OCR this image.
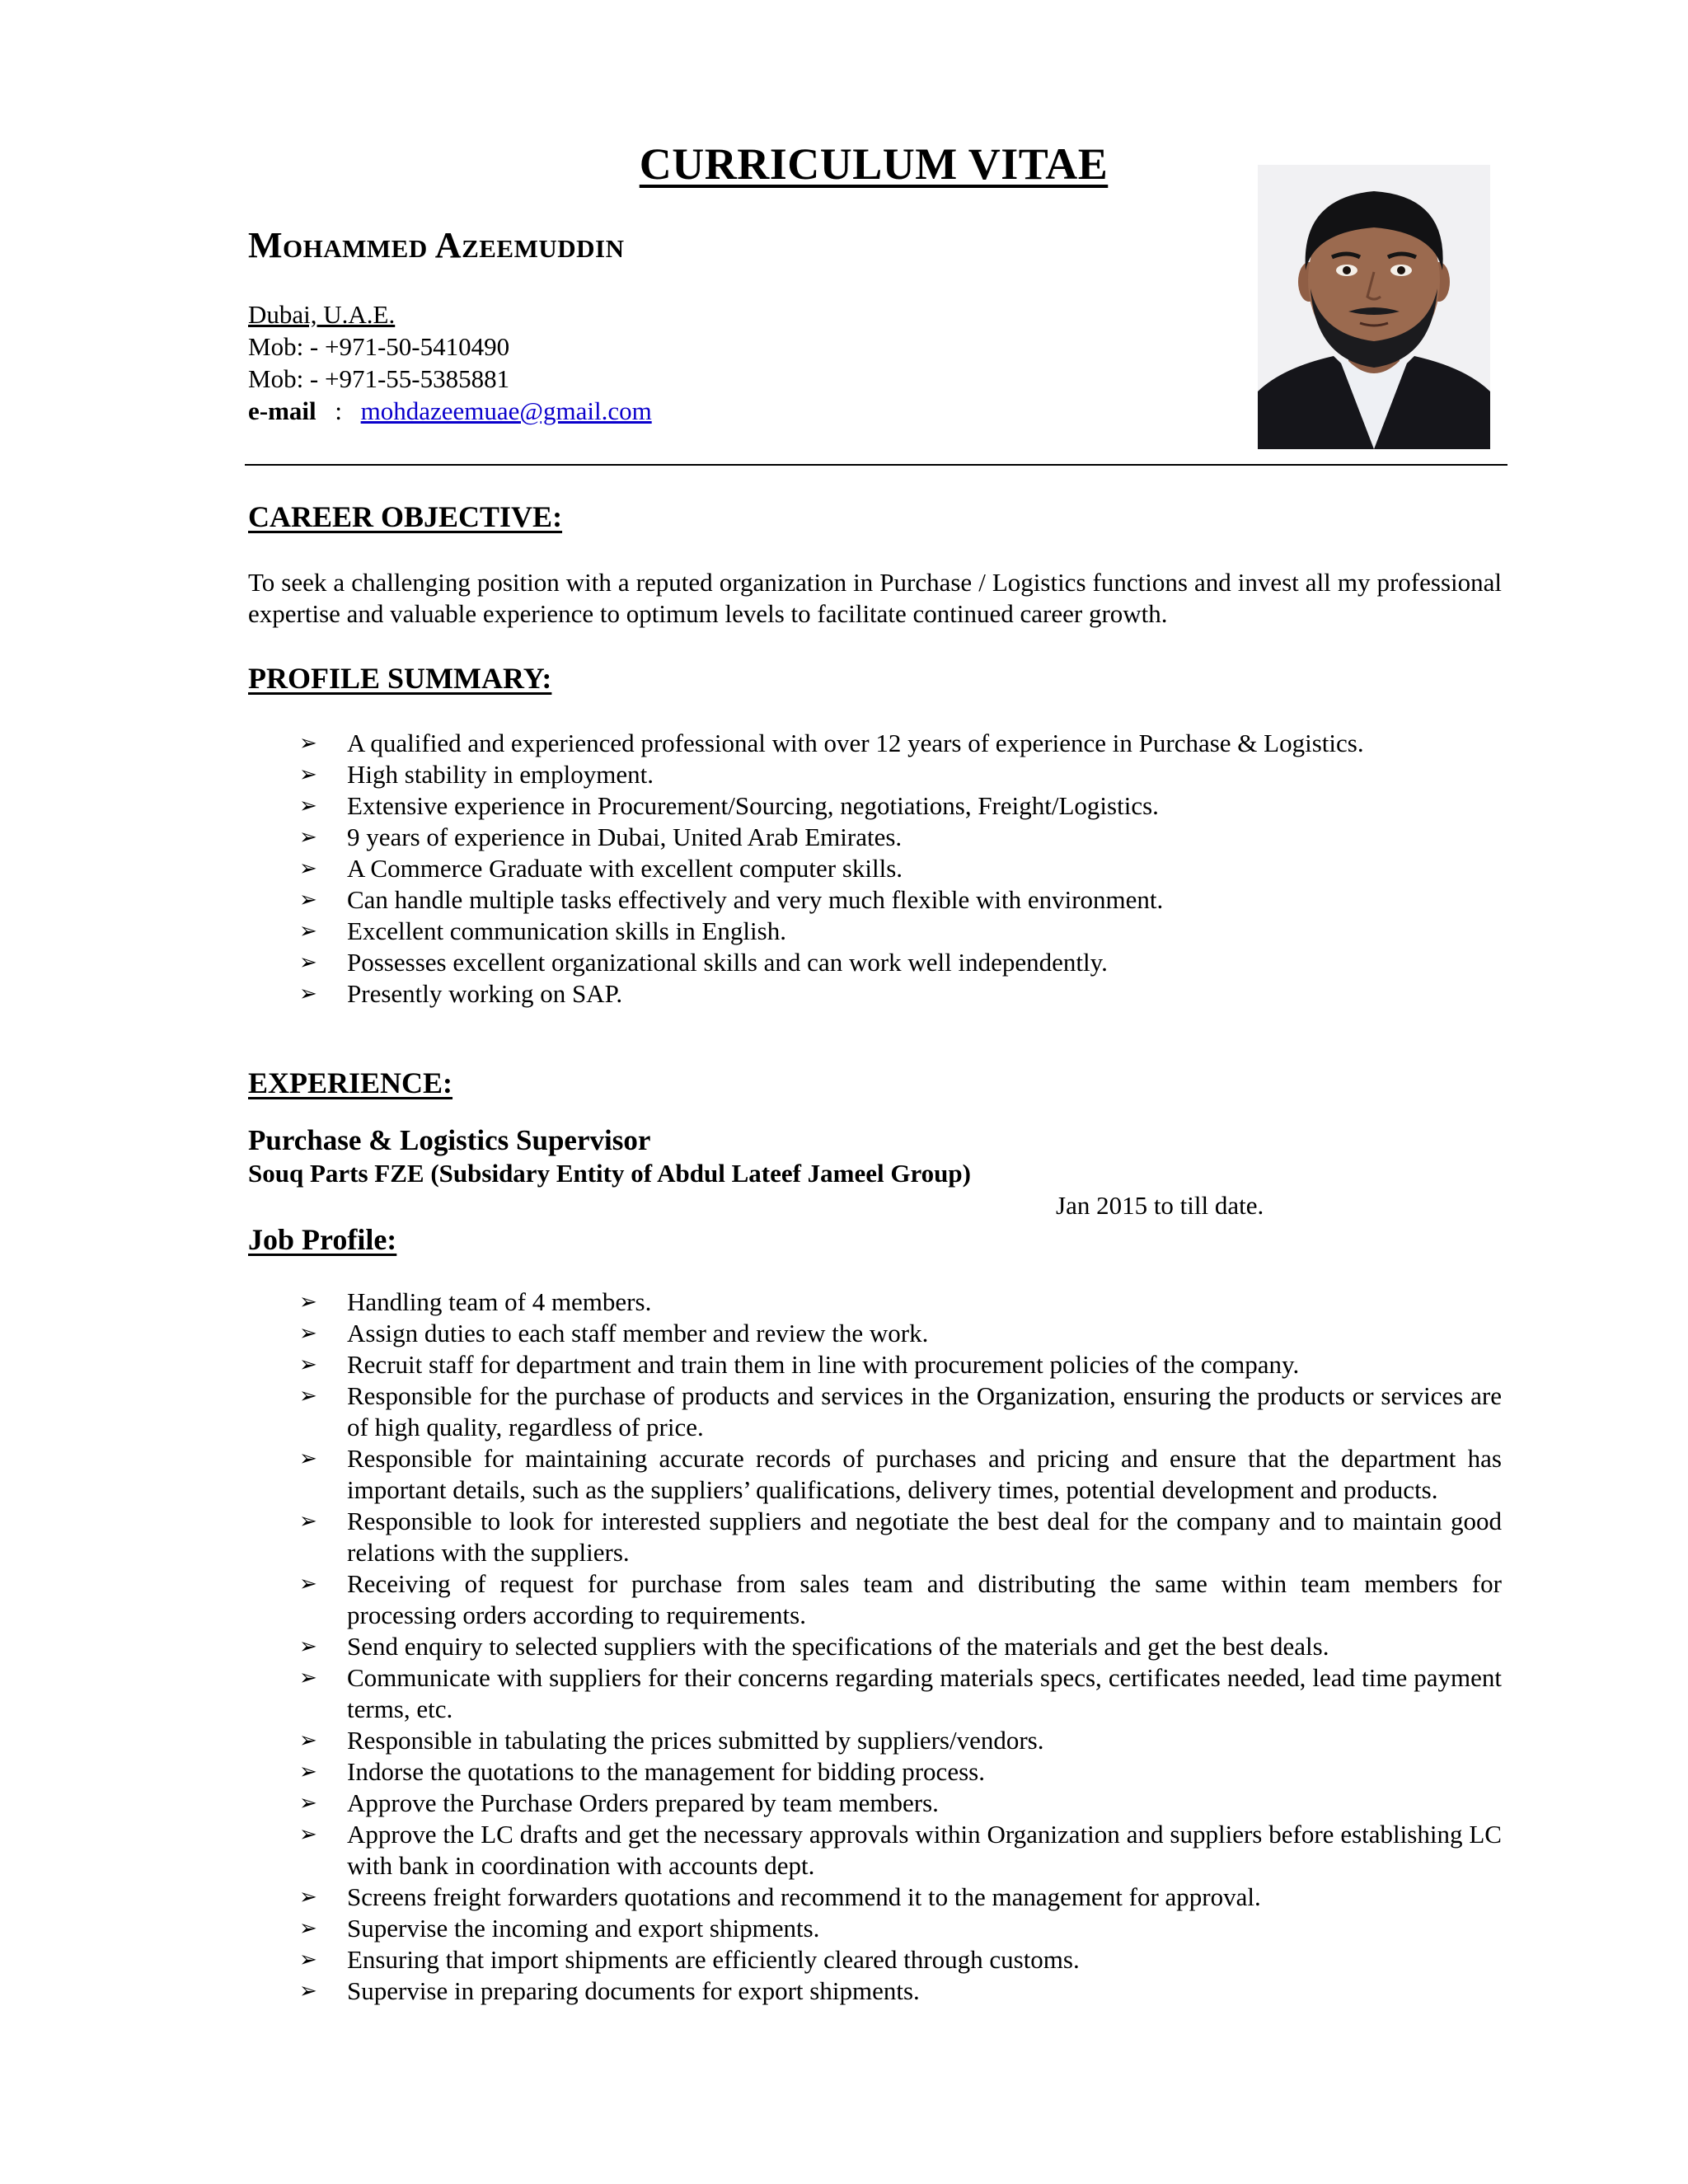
CURRICULUM VITAE
Mohammed Azeemuddin
Dubai, U.A.E.
Mob: - +971-50-5410490
Mob: - +971-55-5385881
e-mail : mohdazeemuae@gmail.com
CAREER OBJECTIVE:
To seek a challenging position with a reputed organization in Purchase / Logistics functions and invest all my professional expertise and valuable experience to optimum levels to facilitate continued career growth.
PROFILE SUMMARY:
➢ A qualified and experienced professional with over 12 years of experience in Purchase & Logistics.
➢ High stability in employment.
➢ Extensive experience in Procurement/Sourcing, negotiations, Freight/Logistics.
➢ 9 years of experience in Dubai, United Arab Emirates.
➢ A Commerce Graduate with excellent computer skills.
➢ Can handle multiple tasks effectively and very much flexible with environment.
➢ Excellent communication skills in English.
➢ Possesses excellent organizational skills and can work well independently.
➢ Presently working on SAP.
EXPERIENCE:
Purchase & Logistics Supervisor
Souq Parts FZE (Subsidary Entity of Abdul Lateef Jameel Group)
Jan 2015 to till date.
Job Profile:
➢ Handling team of 4 members.
➢ Assign duties to each staff member and review the work.
➢ Recruit staff for department and train them in line with procurement policies of the company.
➢ Responsible for the purchase of products and services in the Organization, ensuring the products or services are of high quality, regardless of price.
➢ Responsible for maintaining accurate records of purchases and pricing and ensure that the department has important details, such as the suppliers’ qualifications, delivery times, potential development and products.
➢ Responsible to look for interested suppliers and negotiate the best deal for the company and to maintain good relations with the suppliers.
➢ Receiving of request for purchase from sales team and distributing the same within team members for processing orders according to requirements.
➢ Send enquiry to selected suppliers with the specifications of the materials and get the best deals.
➢ Communicate with suppliers for their concerns regarding materials specs, certificates needed, lead time payment terms, etc.
➢ Responsible in tabulating the prices submitted by suppliers/vendors.
➢ Indorse the quotations to the management for bidding process.
➢ Approve the Purchase Orders prepared by team members.
➢ Approve the LC drafts and get the necessary approvals within Organization and suppliers before establishing LC with bank in coordination with accounts dept.
➢ Screens freight forwarders quotations and recommend it to the management for approval.
➢ Supervise the incoming and export shipments.
➢ Ensuring that import shipments are efficiently cleared through customs.
➢ Supervise in preparing documents for export shipments.
